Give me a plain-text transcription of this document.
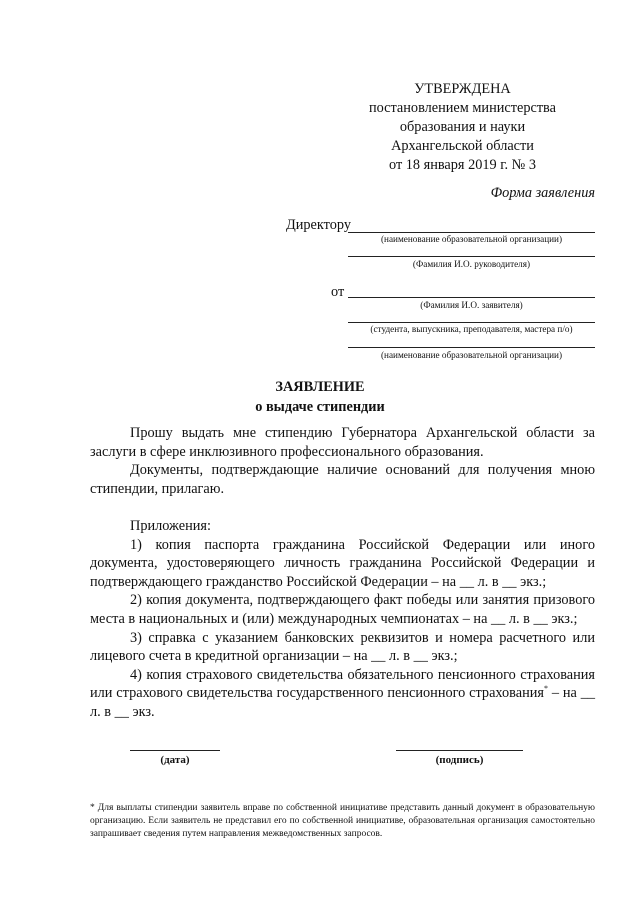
УТВЕРЖДЕНА
постановлением министерства
образования и науки
Архангельской области
от 18 января 2019 г. № 3
Форма заявления
Директору
(наименование образовательной организации)
(Фамилия И.О. руководителя)
от
(Фамилия И.О. заявителя)
(студента, выпускника, преподавателя, мастера п/о)
(наименование образовательной организации)
ЗАЯВЛЕНИЕ
о выдаче стипендии

Прошу выдать мне стипендию Губернатора Архангельской области за заслуги в сфере инклюзивного профессионального образования.

Документы, подтверждающие наличие оснований для получения мною стипендии, прилагаю.

Приложения:

1) копия паспорта гражданина Российской Федерации или иного документа, удостоверяющего личность гражданина Российской Федерации и подтверждающего гражданство Российской Федерации – на __ л. в __ экз.;

2) копия документа, подтверждающего факт победы или занятия призового места в национальных и (или) международных чемпионатах – на __ л. в __ экз.;

3) справка с указанием банковских реквизитов и номера расчетного или лицевого счета в кредитной организации – на __ л. в __ экз.;

4) копия страхового свидетельства обязательного пенсионного страхования или страхового свидетельства государственного пенсионного страхования* – на __ л. в __ экз.

(дата)	(подпись)
* Для выплаты стипендии заявитель вправе по собственной инициативе представить данный документ в образовательную организацию. Если заявитель не представил его по собственной инициативе, образовательная организация самостоятельно запрашивает сведения путем направления межведомственных запросов.
